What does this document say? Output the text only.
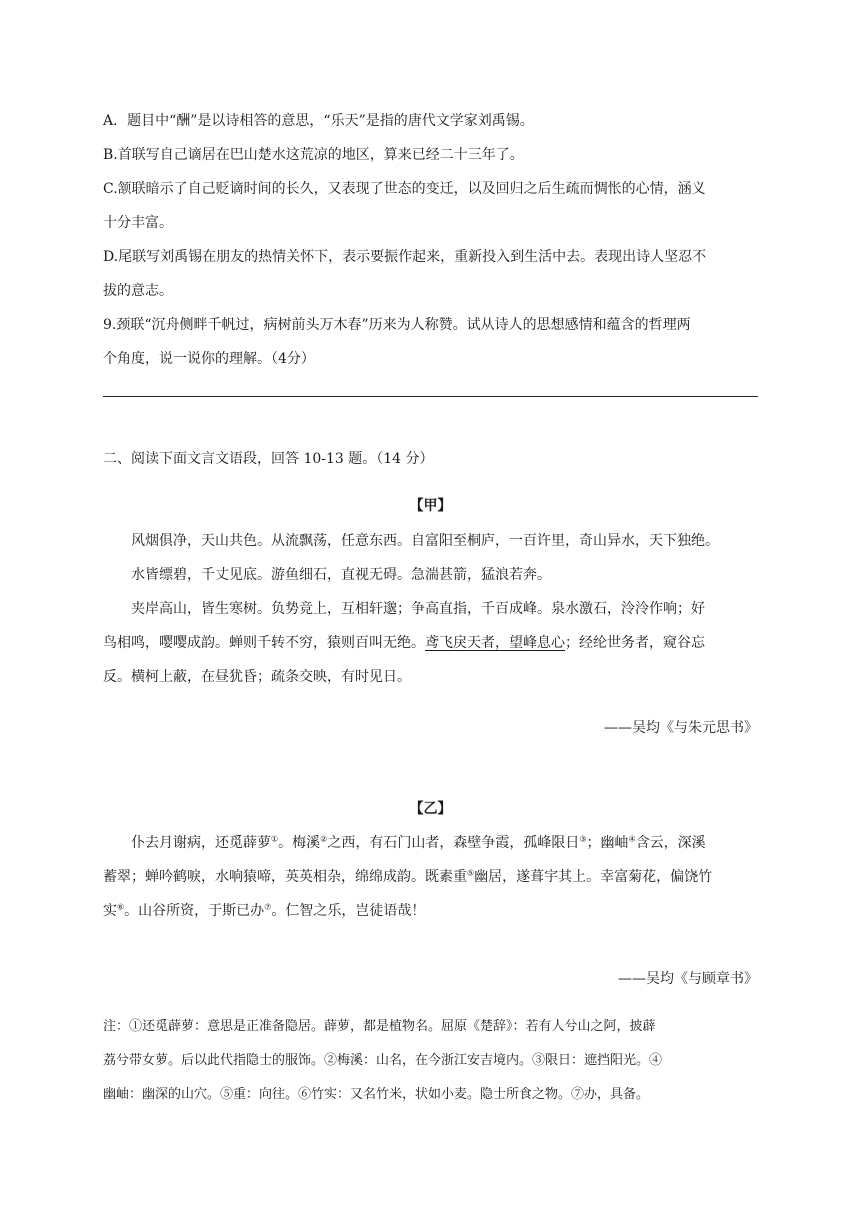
A．题目中“酬”是以诗相答的意思，“乐天”是指的唐代文学家刘禹锡。
B.首联写自己谪居在巴山楚水这荒凉的地区，算来已经二十三年了。
C.颔联暗示了自己贬谪时间的长久，又表现了世态的变迁，以及回归之后生疏而惆怅的心情，涵义
十分丰富。
D.尾联写刘禹锡在朋友的热情关怀下，表示要振作起来，重新投入到生活中去。表现出诗人坚忍不
拔的意志。
9.颈联“沉舟侧畔千帆过，病树前头万木春”历来为人称赞。试从诗人的思想感情和蕴含的哲理两
个角度，说一说你的理解。（4分）
二、阅读下面文言文语段，回答 10-13 题。（14 分）
【甲】
风烟俱净，天山共色。从流飘荡，任意东西。自富阳至桐庐，一百许里，奇山异水，天下独绝。
水皆缥碧，千丈见底。游鱼细石，直视无碍。急湍甚箭，猛浪若奔。
夹岸高山，皆生寒树。负势竞上，互相轩邈；争高直指，千百成峰。泉水激石，泠泠作响；好
鸟相鸣，嘤嘤成韵。蝉则千转不穷，猿则百叫无绝。鸢飞戾天者，望峰息心；经纶世务者，窥谷忘
反。横柯上蔽，在昼犹昏；疏条交映，有时见日。
——吴均《与朱元思书》
【乙】
仆去月谢病，还觅薜萝①。梅溪②之西，有石门山者，森壁争霞，孤峰限日③；幽岫④含云，深溪
蓄翠；蝉吟鹤唳，水响猿啼，英英相杂，绵绵成韵。既素重⑤幽居，遂葺宇其上。幸富菊花，偏饶竹
实⑥。山谷所资，于斯已办⑦。仁智之乐，岂徒语哉！
——吴均《与顾章书》
注：①还觅薜萝：意思是正准备隐居。薜萝，都是植物名。屈原《楚辞》：若有人兮山之阿，披薜
荔兮带女萝。后以此代指隐士的服饰。②梅溪：山名，在今浙江安吉境内。③限日：遮挡阳光。④
幽岫：幽深的山穴。⑤重：向往。⑥竹实：又名竹米，状如小麦。隐士所食之物。⑦办，具备。
